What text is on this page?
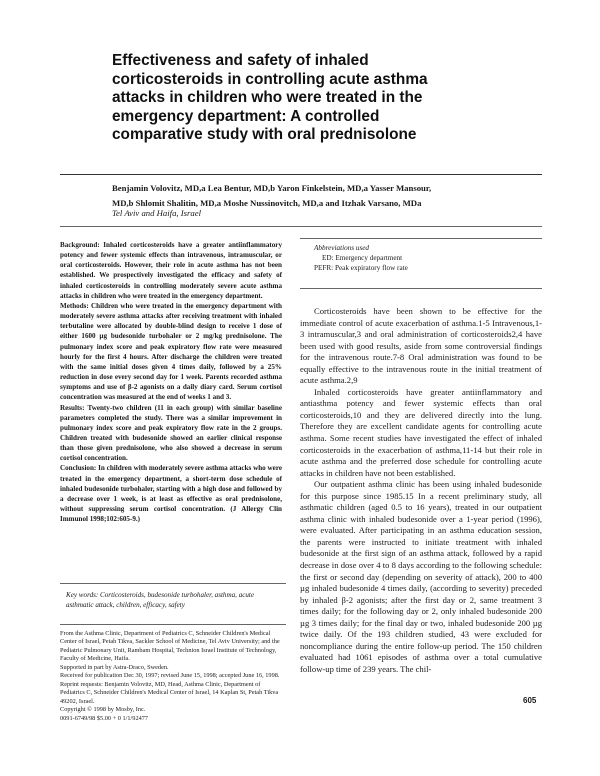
Effectiveness and safety of inhaled corticosteroids in controlling acute asthma attacks in children who were treated in the emergency department: A controlled comparative study with oral prednisolone
Benjamin Volovitz, MD,a Lea Bentur, MD,b Yaron Finkelstein, MD,a Yasser Mansour,
MD,b Shlomit Shalitin, MD,a Moshe Nussinovitch, MD,a and Itzhak Varsano, MDa
Tel Aviv and Haifa, Israel

Background: Inhaled corticosteroids have a greater antiinflammatory potency and fewer systemic effects than intravenous, intramuscular, or oral corticosteroids. However, their role in acute asthma has not been established. We prospectively investigated the efficacy and safety of inhaled corticosteroids in controlling moderately severe acute asthma attacks in children who were treated in the emergency department.

Methods: Children who were treated in the emergency department with moderately severe asthma attacks after receiving treatment with inhaled terbutaline were allocated by double-blind design to receive 1 dose of either 1600 µg budesonide turbohaler or 2 mg/kg prednisolone. The pulmonary index score and peak expiratory flow rate were measured hourly for the first 4 hours. After discharge the children were treated with the same initial doses given 4 times daily, followed by a 25% reduction in dose every second day for 1 week. Parents recorded asthma symptoms and use of β-2 agonists on a daily diary card. Serum cortisol concentration was measured at the end of weeks 1 and 3.

Results: Twenty-two children (11 in each group) with similar baseline parameters completed the study. There was a similar improvement in pulmonary index score and peak expiratory flow rate in the 2 groups. Children treated with budesonide showed an earlier clinical response than those given prednisolone, who also showed a decrease in serum cortisol concentration.

Conclusion: In children with moderately severe asthma attacks who were treated in the emergency department, a short-term dose schedule of inhaled budesonide turbohaler, starting with a high dose and followed by a decrease over 1 week, is at least as effective as oral prednisolone, without suppressing serum cortisol concentration. (J Allergy Clin Immunol 1998;102:605-9.)

Key words: Corticosteroids, budesonide turbohaler, asthma, acute asthmatic attack, children, efficacy, safety

From the Asthma Clinic, Department of Pediatrics C, Schneider Children's Medical Center of Israel, Petah Tikva, Sackler School of Medicine, Tel Aviv University; and the Pediatric Pulmonary Unit, Rambam Hospital, Technion Israel Institute of Technology, Faculty of Medicine, Haifa.

Supported in part by Astra-Draco, Sweden.

Received for publication Dec 30, 1997; revised June 15, 1998; accepted June 16, 1998.

Reprint requests: Benjamin Volovitz, MD, Head, Asthma Clinic, Department of Pediatrics C, Schneider Children's Medical Center of Israel, 14 Kaplan St, Petah Tikva 49202, Israel.

Copyright © 1998 by Mosby, Inc.

0091-6749/98 $5.00 + 0 1/1/92477

Abbreviations used
ED: Emergency department
PEFR: Peak expiratory flow rate

Corticosteroids have been shown to be effective for the immediate control of acute exacerbation of asthma.1-5 Intravenous,1-3 intramuscular,3 and oral administration of corticosteroids2,4 have been used with good results, aside from some controversial findings for the intravenous route.7-8 Oral administration was found to be equally effective to the intravenous route in the initial treatment of acute asthma.2,9

Inhaled corticosteroids have greater antiinflammatory and antiasthma potency and fewer systemic effects than oral corticosteroids,10 and they are delivered directly into the lung. Therefore they are excellent candidate agents for controlling acute asthma. Some recent studies have investigated the effect of inhaled corticosteroids in the exacerbation of asthma,11-14 but their role in acute asthma and the preferred dose schedule for controlling acute attacks in children have not been established.

Our outpatient asthma clinic has been using inhaled budesonide for this purpose since 1985.15 In a recent preliminary study, all asthmatic children (aged 0.5 to 16 years), treated in our outpatient asthma clinic with inhaled budesonide over a 1-year period (1996), were evaluated. After participating in an asthma education session, the parents were instructed to initiate treatment with inhaled budesonide at the first sign of an asthma attack, followed by a rapid decrease in dose over 4 to 8 days according to the following schedule: the first or second day (depending on severity of attack), 200 to 400 µg inhaled budesonide 4 times daily, (according to severity) preceded by inhaled β-2 agonists; after the first day or 2, same treatment 3 times daily; for the following day or 2, only inhaled budesonide 200 µg 3 times daily; for the final day or two, inhaled budesonide 200 µg twice daily. Of the 193 children studied, 43 were excluded for noncompliance during the entire follow-up period. The 150 children evaluated had 1061 episodes of asthma over a total cumulative follow-up time of 239 years. The chil-

605
